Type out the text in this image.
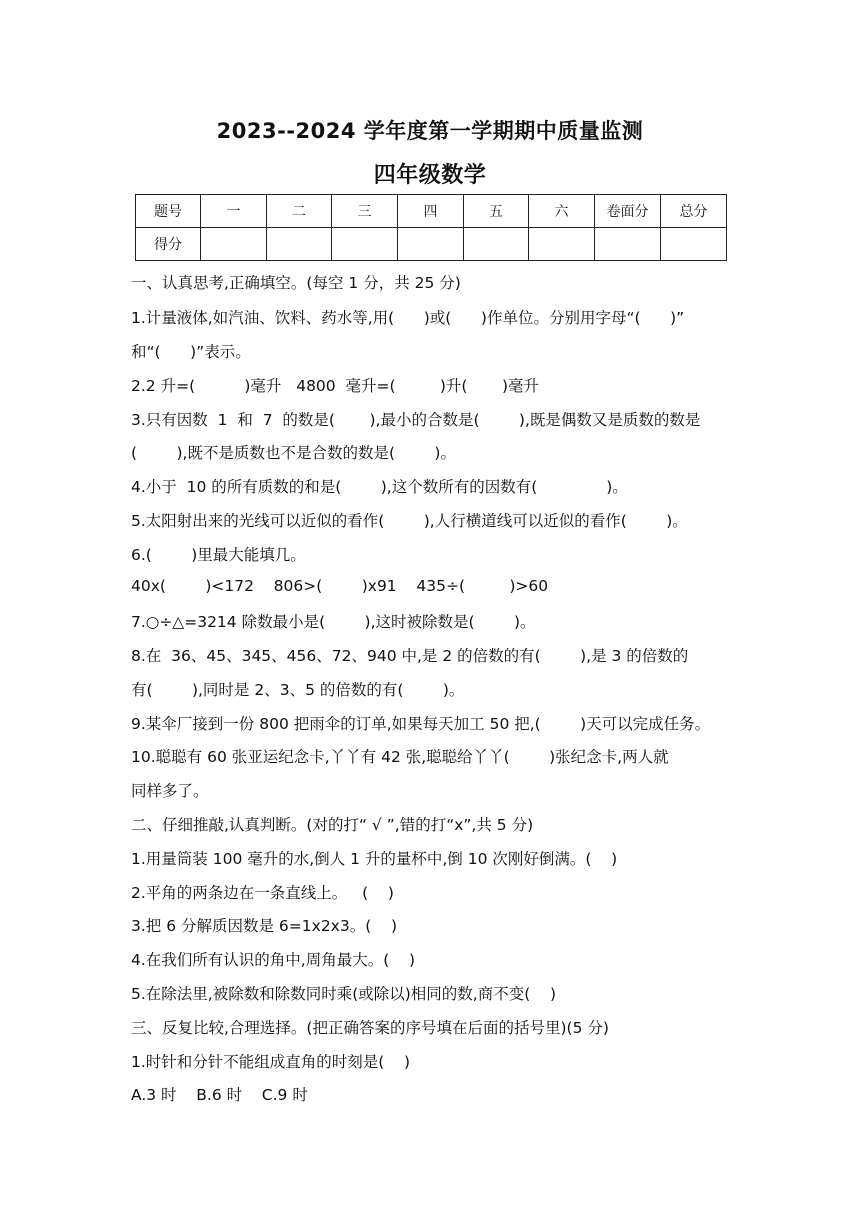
2023--2024 学年度第一学期期中质量监测
四年级数学
题号	一	二	三	四	五	六	卷面分	总分
得分								
一、认真思考,正确填空。(每空 1 分，共 25 分)
1.计量液体,如汽油、饮料、药水等,用(      )或(      )作单位。分别用字母“(      )”
和“(      )”表示。
2.2 升=(          )毫升   4800  毫升=(         )升(       )毫升
3.只有因数  1  和  7  的数是(       ),最小的合数是(        ),既是偶数又是质数的数是
(        ),既不是质数也不是合数的数是(        )。
4.小于  10 的所有质数的和是(        ),这个数所有的因数有(              )。
5.太阳射出来的光线可以近似的看作(        ),人行横道线可以近似的看作(        )。
6.(        )里最大能填几。
40x(        )<172    806>(        )x91    435÷(         )>60
7.○÷△=3214 除数最小是(        ),这时被除数是(        )。
8.在  36、45、345、456、72、940 中,是 2 的倍数的有(        ),是 3 的倍数的
有(        ),同时是 2、3、5 的倍数的有(        )。
9.某伞厂接到一份 800 把雨伞的订单,如果每天加工 50 把,(        )天可以完成任务。
10.聪聪有 60 张亚运纪念卡,丫丫有 42 张,聪聪给丫丫(        )张纪念卡,两人就
同样多了。
二、仔细推敲,认真判断。(对的打“ √ ”,错的打“x”,共 5 分)
1.用量筒装 100 毫升的水,倒人 1 升的量杯中,倒 10 次刚好倒满。(    )
2.平角的两条边在一条直线上。   (    )
3.把 6 分解质因数是 6=1x2x3。(    )
4.在我们所有认识的角中,周角最大。(    )
5.在除法里,被除数和除数同时乘(或除以)相同的数,商不变(    )
三、反复比较,合理选择。(把正确答案的序号填在后面的括号里)(5 分)
1.时针和分针不能组成直角的时刻是(    )
A.3 时    B.6 时    C.9 时
